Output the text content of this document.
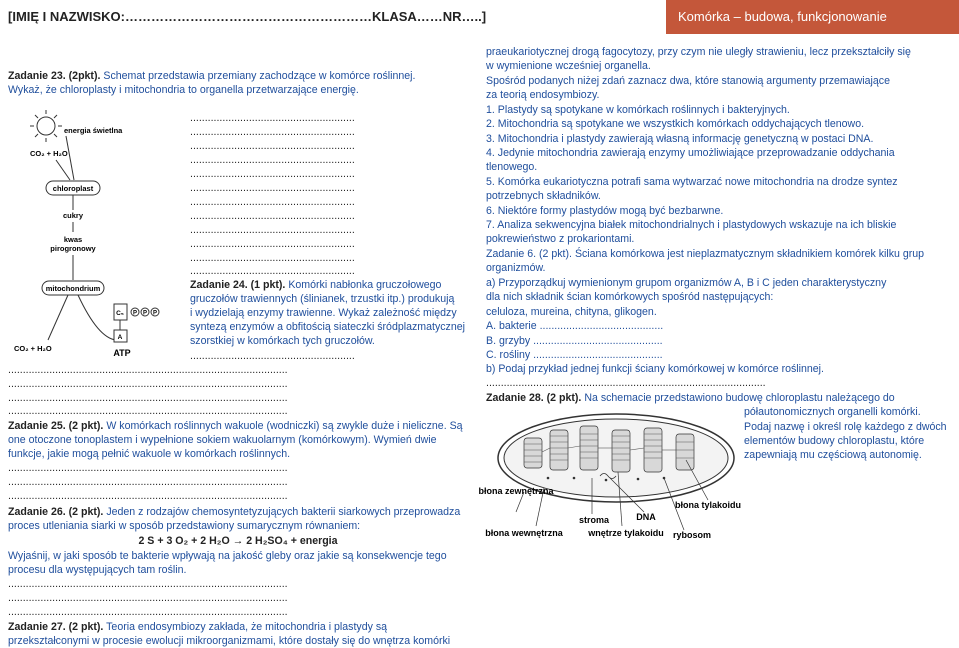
[IMIĘ I NAZWISKO:…………………………………………………KLASA……NR…..]	Komórka – budowa, funkcjonowanie
Zadanie 23. (2pkt). Schemat przedstawia przemiany zachodzące w komórce roślinnej.
Wykaż, że chloroplasty i mitochondria to organella przetwarzające energię.
energia świetlna
CO₂ + H₂O
chloroplast
cukry
kwas
pirogronowy
mitochondrium
CO₂ + H₂O
C₅ P P P
A
ATP
........................................................
........................................................
........................................................
........................................................
........................................................
........................................................
........................................................
........................................................
........................................................
........................................................
........................................................
........................................................
Zadanie 24. (1 pkt). Komórki nabłonka gruczołowego
gruczołów trawiennych (ślinianek, trzustki itp.) produkują
i wydzielają enzymy trawienne. Wykaż zależność między
syntezą enzymów a obfitością siateczki śródplazmatycznej
szorstkiej w komórkach tych gruczołów.
........................................................
...............................................................................................
...............................................................................................
...............................................................................................
...............................................................................................
Zadanie 25. (2 pkt). W komórkach roślinnych wakuole (wodniczki) są zwykle duże i nieliczne. Są
one otoczone tonoplastem i wypełnione sokiem wakuolarnym (komórkowym). Wymień dwie
funkcje, jakie mogą pełnić wakuole w komórkach roślinnych.
...............................................................................................
...............................................................................................
...............................................................................................
Zadanie 26. (2 pkt). Jeden z rodzajów chemosyntetyzujących bakterii siarkowych przeprowadza
proces utleniania siarki w sposób przedstawiony sumarycznym równaniem:
2 S + 3 O₂ + 2 H₂O → 2 H₂SO₄ + energia
Wyjaśnij, w jaki sposób te bakterie wpływają na jakość gleby oraz jakie są konsekwencje tego
procesu dla występujących tam roślin.
...............................................................................................
...............................................................................................
...............................................................................................
Zadanie 27. (2 pkt). Teoria endosymbiozy zakłada, że mitochondria i plastydy są
przekształconymi w procesie ewolucji mikroorganizmami, które dostały się do wnętrza komórki
praeukariotycznej drogą fagocytozy, przy czym nie uległy strawieniu, lecz przekształciły się
w wymienione wcześniej organella.
Spośród podanych niżej zdań zaznacz dwa, które stanowią argumenty przemawiające
za teorią endosymbiozy.
1. Plastydy są spotykane w komórkach roślinnych i bakteryjnych.
2. Mitochondria są spotykane we wszystkich komórkach oddychających tlenowo.
3. Mitochondria i plastydy zawierają własną informację genetyczną w postaci DNA.
4. Jedynie mitochondria zawierają enzymy umożliwiające przeprowadzanie oddychania
tlenowego.
5. Komórka eukariotyczna potrafi sama wytwarzać nowe mitochondria na drodze syntez
potrzebnych składników.
6. Niektóre formy plastydów mogą być bezbarwne.
7. Analiza sekwencyjna białek mitochondrialnych i plastydowych wskazuje na ich bliskie
pokrewieństwo z prokariontami.
Zadanie 6. (2 pkt). Ściana komórkowa jest nieplazmatycznym składnikiem komórek kilku grup
organizmów.
a) Przyporządkuj wymienionym grupom organizmów A, B i C jeden charakterystyczny
dla nich składnik ścian komórkowych spośród następujących:
celuloza, mureina, chityna, glikogen.
A. bakterie ..........................................
B. grzyby ............................................
C. rośliny ............................................
b) Podaj przykład jednej funkcji ściany komórkowej w komórce roślinnej.
...............................................................................................
Zadanie 28. (2 pkt). Na schemacie przedstawiono budowę chloroplastu należącego do
półautonomicznych organelli komórki.
Podaj nazwę i określ rolę każdego z dwóch
elementów budowy chloroplastu, które
zapewniają mu częściową autonomię.
błona zewnętrzna
błona tylakoidu
błona wewnętrzna
stroma	DNA
wnętrze tylakoidu rybosom
